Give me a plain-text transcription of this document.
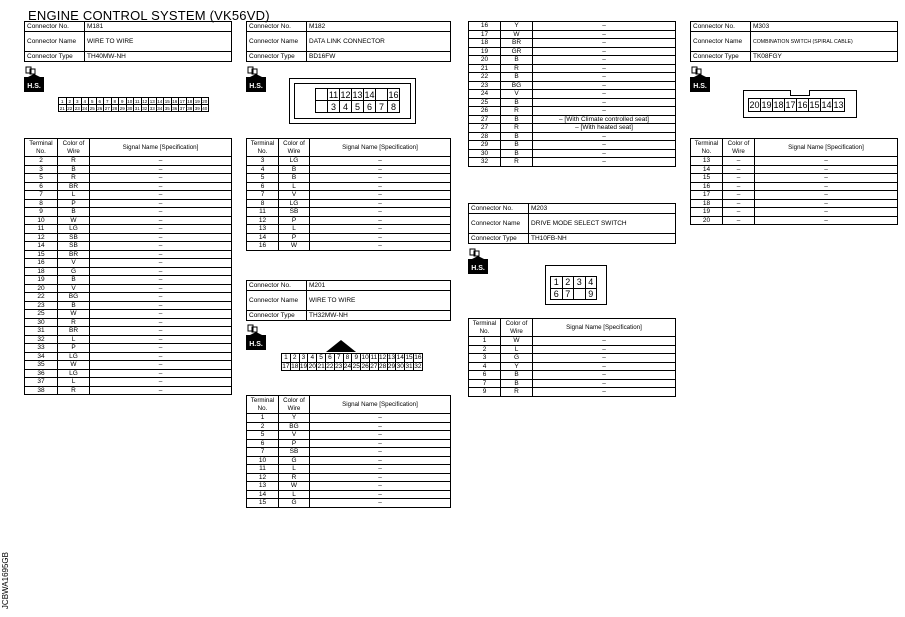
ENGINE CONTROL SYSTEM (VK56VD)
JCBWA1695GB
Connector No.	M181
Connector Name	WIRE TO WIRE
Connector Type	TH40MW-NH
H.S.
1	2	3	4	5	6	7	8	9	10	11	12	13	14	15	16	17	18	19	20
21	22	23	24	25	26	27	28	29	30	31	32	33	34	35	36	37	38	39	40
Terminal No.	Color of Wire	Signal Name [Specification]
2	R	–
3	B	–
5	R	–
6	BR	–
7	L	–
8	P	–
9	B	–
10	W	–
11	LG	–
12	SB	–
14	SB	–
15	BR	–
16	V	–
18	G	–
19	B	–
20	V	–
22	BG	–
23	B	–
25	W	–
30	R	–
31	BR	–
32	L	–
33	P	–
34	LG	–
35	W	–
36	LG	–
37	L	–
38	R	–
Connector No.	M182
Connector Name	DATA LINK CONNECTOR
Connector Type	BD16FW
H.S.
	11	12	13	14		16
	3	4	5	6	7	8
Terminal No.	Color of Wire	Signal Name [Specification]
3	LG	–
4	B	–
5	B	–
6	L	–
7	V	–
8	LG	–
11	SB	–
12	P	–
13	L	–
14	P	–
16	W	–
Connector No.	M201
Connector Name	WIRE TO WIRE
Connector Type	TH32MW-NH
H.S.
1	2	3	4	5	6	7	8	9	10	11	12	13	14	15	16
17	18	19	20	21	22	23	24	25	26	27	28	29	30	31	32
Terminal No.	Color of Wire	Signal Name [Specification]
1	Y	–
2	BG	–
5	V	–
6	P	–
7	SB	–
10	G	–
11	L	–
12	R	–
13	W	–
14	L	–
15	G	–
16	Y	–
17	W	–
18	BR	–
19	GR	–
20	B	–
21	R	–
22	B	–
23	BG	–
24	V	–
25	B	–
26	R	–
27	B	– [With Climate controlled seat]
27	R	– [With heated seat]
28	B	–
29	B	–
30	B	–
32	R	–
Connector No.	M203
Connector Name	DRIVE MODE SELECT SWITCH
Connector Type	TH10FB-NH
H.S.
1	2	3	4
6	7		9
Terminal No.	Color of Wire	Signal Name [Specification]
1	W	–
2	L	–
3	G	–
4	Y	–
6	B	–
7	B	–
9	R	–
Connector No.	M303
Connector Name	COMBINATION SWITCH (SPIRAL CABLE)
Connector Type	TK08FGY
H.S.
20	19	18	17	16	15	14	13
Terminal No.	Color of Wire	Signal Name [Specification]
13	–	–
14	–	–
15	–	–
16	–	–
17	–	–
18	–	–
19	–	–
20	–	–
